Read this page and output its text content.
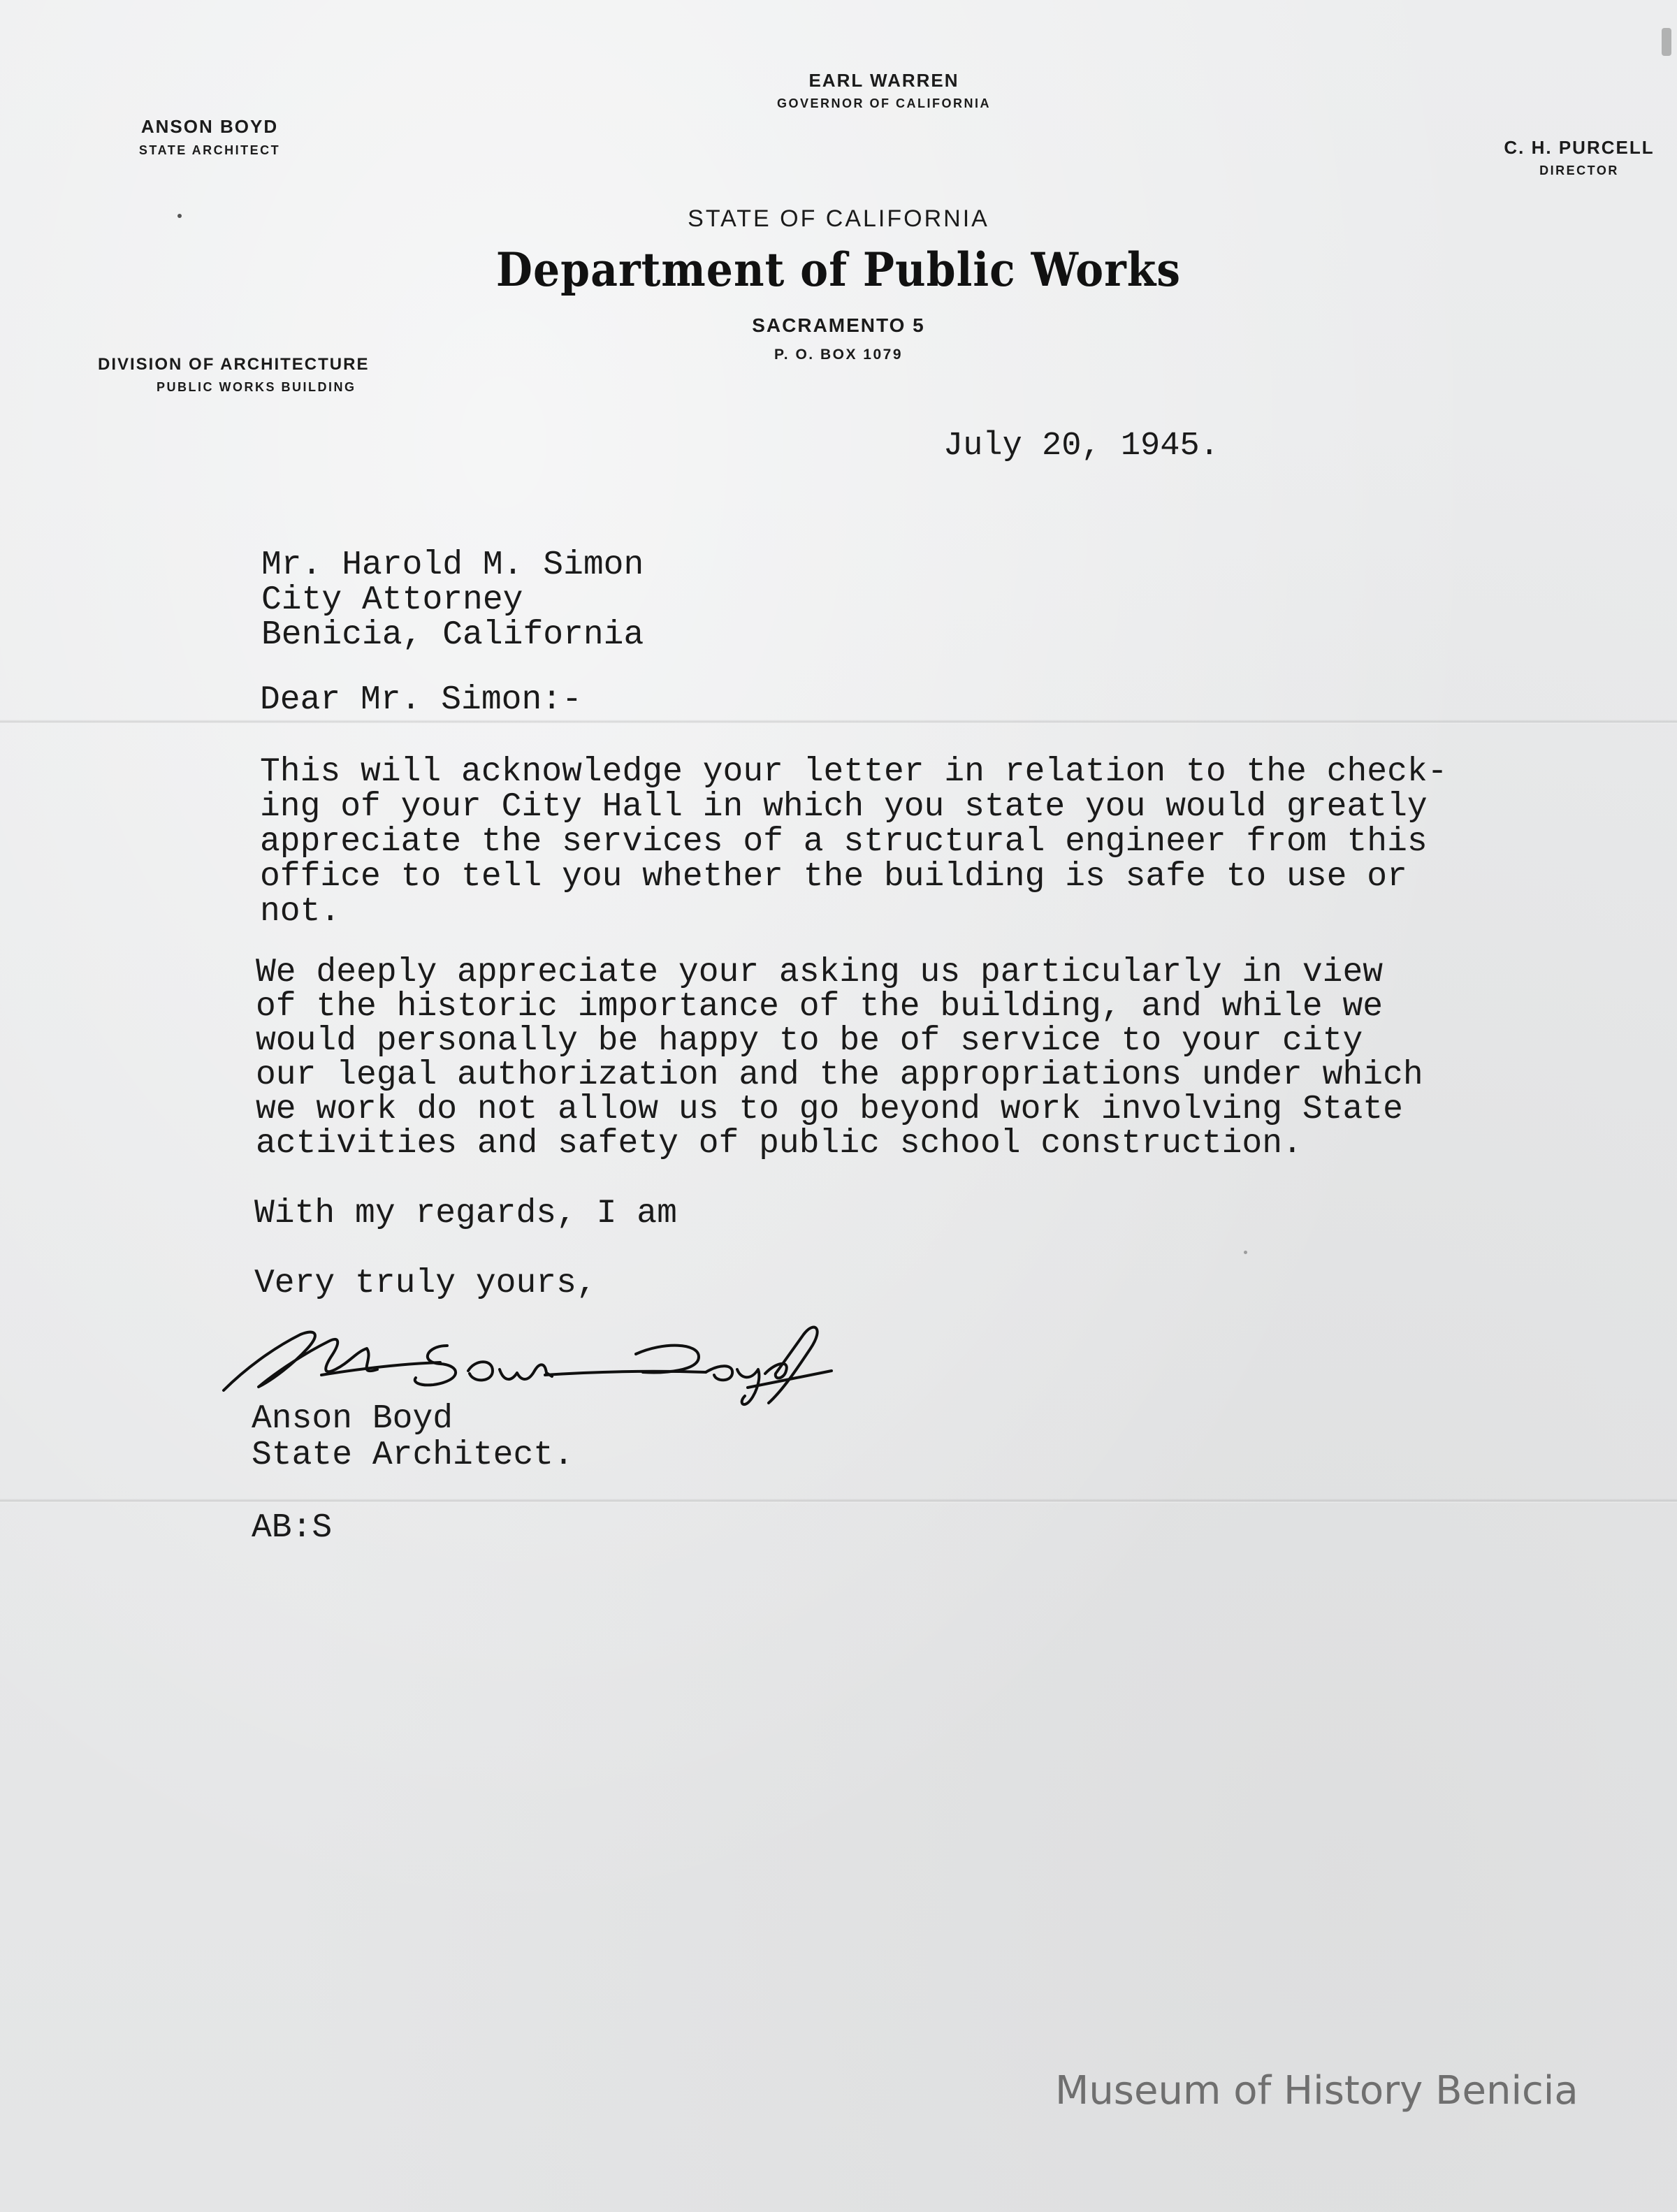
EARL WARREN
GOVERNOR OF CALIFORNIA
ANSON BOYD
STATE ARCHITECT	C. H. PURCELL
DIRECTOR
STATE OF CALIFORNIA
Department of Public Works
SACRAMENTO 5
P. O. BOX 1079
DIVISION OF ARCHITECTURE
PUBLIC WORKS BUILDING
July 20, 1945.
Mr. Harold M. Simon
City Attorney
Benicia, California
Dear Mr. Simon:-
This will acknowledge your letter in relation to the check-
ing of your City Hall in which you state you would greatly
appreciate the services of a structural engineer from this
office to tell you whether the building is safe to use or
not.
We deeply appreciate your asking us particularly in view
of the historic importance of the building, and while we
would personally be happy to be of service to your city
our legal authorization and the appropriations under which
we work do not allow us to go beyond work involving State
activities and safety of public school construction.
With my regards, I am
Very truly yours,
Anson Boyd
State Architect.
AB:S
Museum of History Benicia
